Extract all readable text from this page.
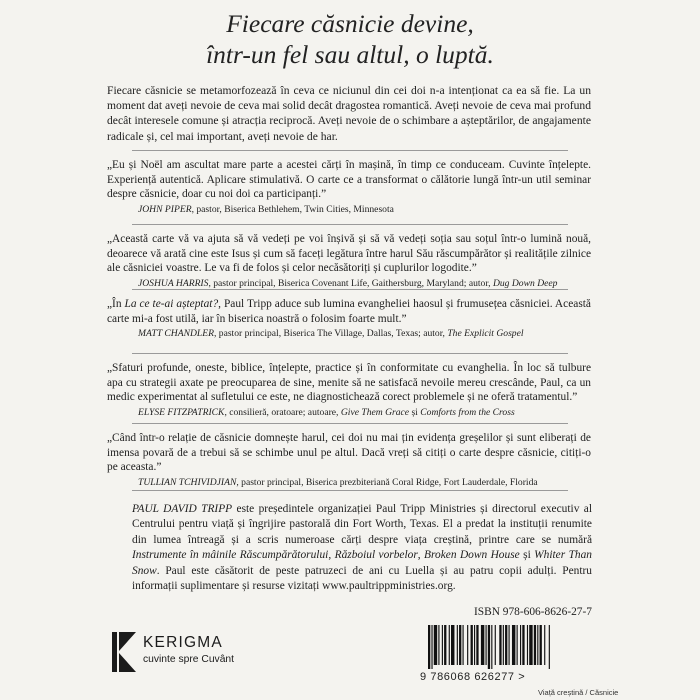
Fiecare căsnicie devine,
într-un fel sau altul, o luptă.
Fiecare căsnicie se metamorfozează în ceva ce niciunul din cei doi n-a intenționat ca ea să fie. La un moment dat aveți nevoie de ceva mai solid decât dragostea romantică. Aveți nevoie de ceva mai profund decât interesele comune și atracția reciprocă. Aveți nevoie de o schimbare a așteptărilor, de angajamente radicale și, cel mai important, aveți nevoie de har.

„Eu și Noël am ascultat mare parte a acestei cărți în mașină, în timp ce conduceam. Cuvinte înțelepte. Experiență autentică. Aplicare stimulativă. O carte ce a transformat o călătorie lungă într-un util seminar despre căsnicie, doar cu noi doi ca participanți.”

JOHN PIPER, pastor, Biserica Bethlehem, Twin Cities, Minnesota

„Această carte vă va ajuta să vă vedeți pe voi înșivă și să vă vedeți soția sau soțul într-o lumină nouă, deoarece vă arată cine este Isus și cum să faceți legătura între harul Său răscumpărător și realitățile zilnice ale căsniciei voastre. Le va fi de folos și celor necăsătoriți și cuplurilor logodite.”

JOSHUA HARRIS, pastor principal, Biserica Covenant Life, Gaithersburg, Maryland; autor, Dug Down Deep

„În La ce te-ai așteptat?, Paul Tripp aduce sub lumina evangheliei haosul și frumusețea căsniciei. Această carte mi-a fost utilă, iar în biserica noastră o folosim foarte mult.”

MATT CHANDLER, pastor principal, Biserica The Village, Dallas, Texas; autor, The Explicit Gospel

„Sfaturi profunde, oneste, biblice, înțelepte, practice și în conformitate cu evanghelia. În loc să tulbure apa cu strategii axate pe preocuparea de sine, menite să ne satisfacă nevoile mereu crescânde, Paul, ca un medic experimentat al sufletului ce este, ne diagnostichează corect problemele și ne oferă tratamentul.”

ELYSE FITZPATRICK, consilieră, oratoare; autoare, Give Them Grace și Comforts from the Cross

„Când într-o relație de căsnicie domnește harul, cei doi nu mai țin evidența greșelilor și sunt eliberați de imensa povară de a trebui să se schimbe unul pe altul. Dacă vreți să citiți o carte despre căsnicie, citiți-o pe aceasta.”

TULLIAN TCHIVIDJIAN, pastor principal, Biserica prezbiteriană Coral Ridge, Fort Lauderdale, Florida
PAUL DAVID TRIPP este președintele organizației Paul Tripp Ministries și directorul executiv al Centrului pentru viață și îngrijire pastorală din Fort Worth, Texas. El a predat la instituții renumite din lumea întreagă și a scris numeroase cărți despre viața creștină, printre care se numără Instrumente în mâinile Răscumpărătorului, Războiul vorbelor, Broken Down House și Whiter Than Snow. Paul este căsătorit de peste patruzeci de ani cu Luella și au patru copii adulți. Pentru informații suplimentare și resurse vizitați www.paultrippministries.org.
KERIGMA
cuvinte spre Cuvânt
ISBN 978-606-8626-27-7
9 786068 626277 >
Viață creștină / Căsnicie
